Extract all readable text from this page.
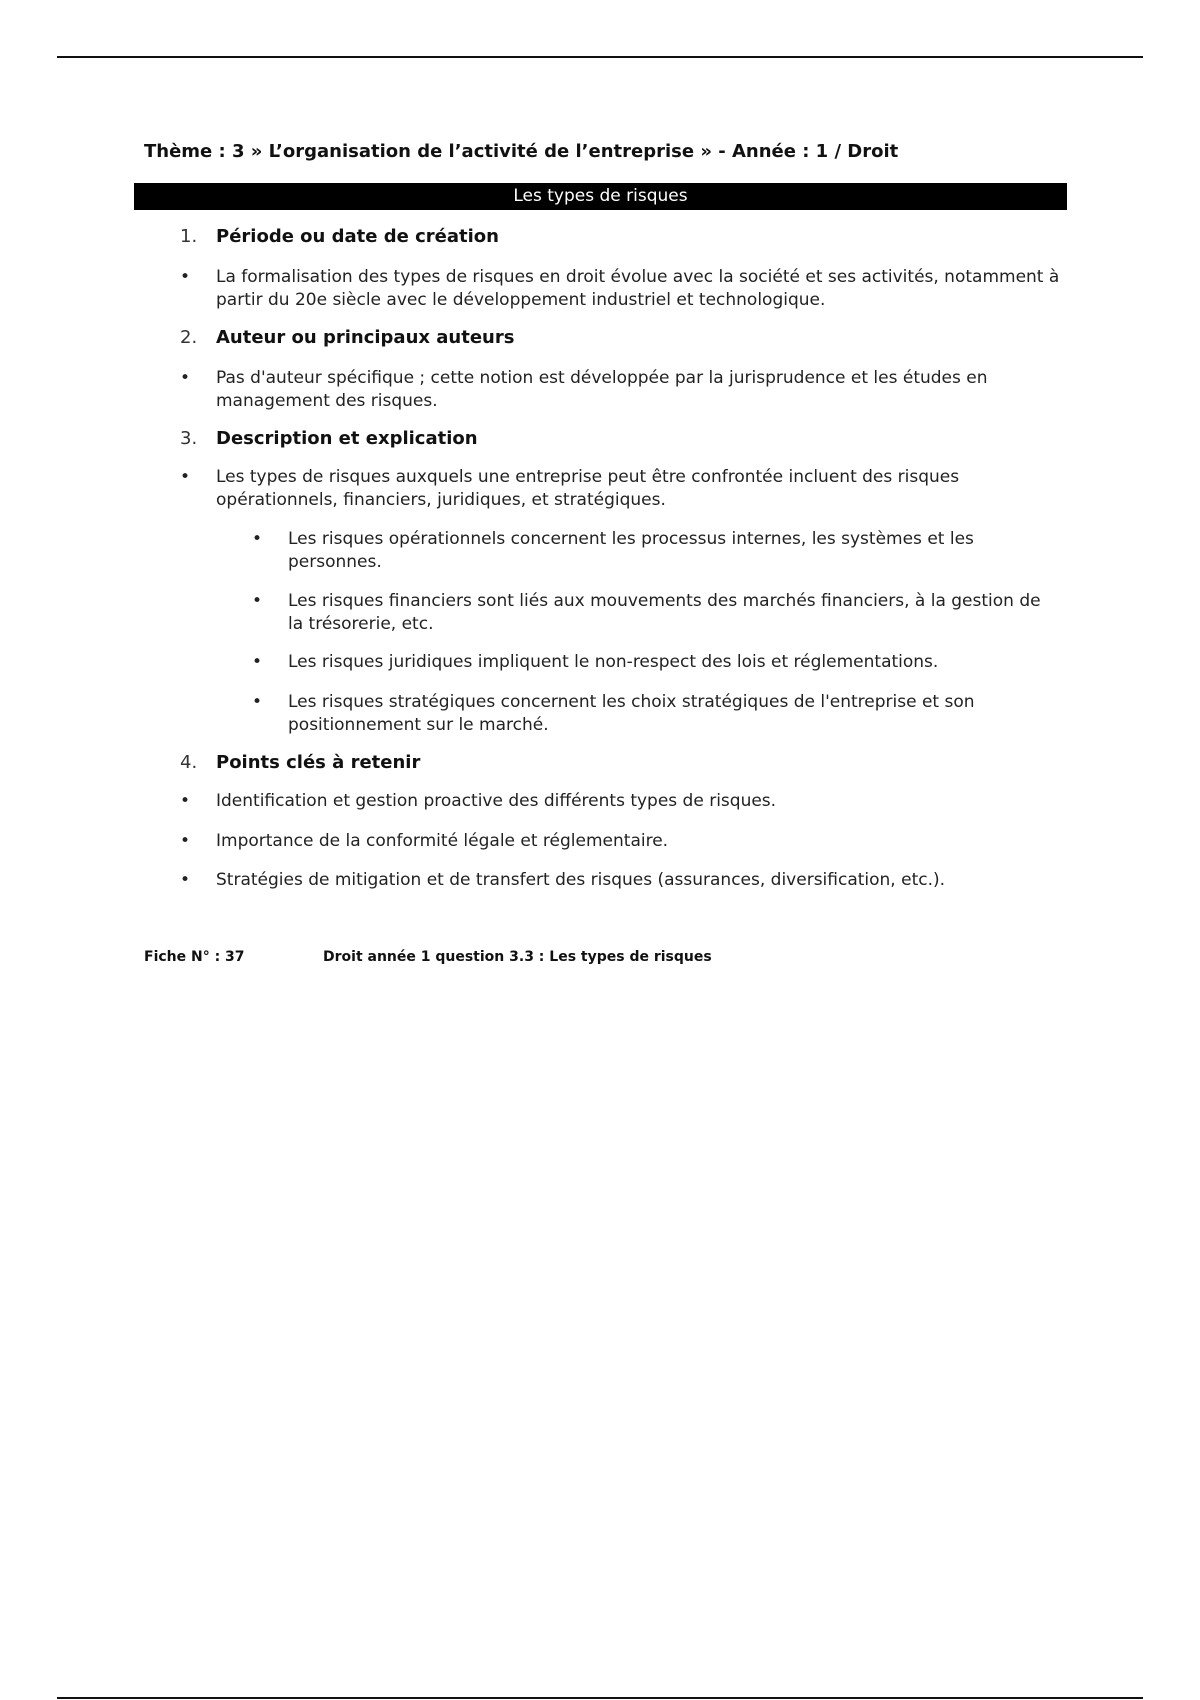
Thème : 3 » L’organisation de l’activité de l’entreprise » - Année : 1 / Droit
Les types de risques
1. Période ou date de création
•	La formalisation des types de risques en droit évolue avec la société et ses activités, notamment à partir du 20e siècle avec le développement industriel et technologique.
2. Auteur ou principaux auteurs
•	Pas d'auteur spécifique ; cette notion est développée par la jurisprudence et les études en management des risques.
3. Description et explication
•	Les types de risques auxquels une entreprise peut être confrontée incluent des risques opérationnels, financiers, juridiques, et stratégiques.
•	Les risques opérationnels concernent les processus internes, les systèmes et les personnes.
•	Les risques financiers sont liés aux mouvements des marchés financiers, à la gestion de la trésorerie, etc.
•	Les risques juridiques impliquent le non-respect des lois et réglementations.
•	Les risques stratégiques concernent les choix stratégiques de l'entreprise et son positionnement sur le marché.
4. Points clés à retenir
•	Identification et gestion proactive des différents types de risques.
•	Importance de la conformité légale et réglementaire.
•	Stratégies de mitigation et de transfert des risques (assurances, diversification, etc.).
Fiche N° : 37	Droit année 1 question 3.3 : Les types de risques
